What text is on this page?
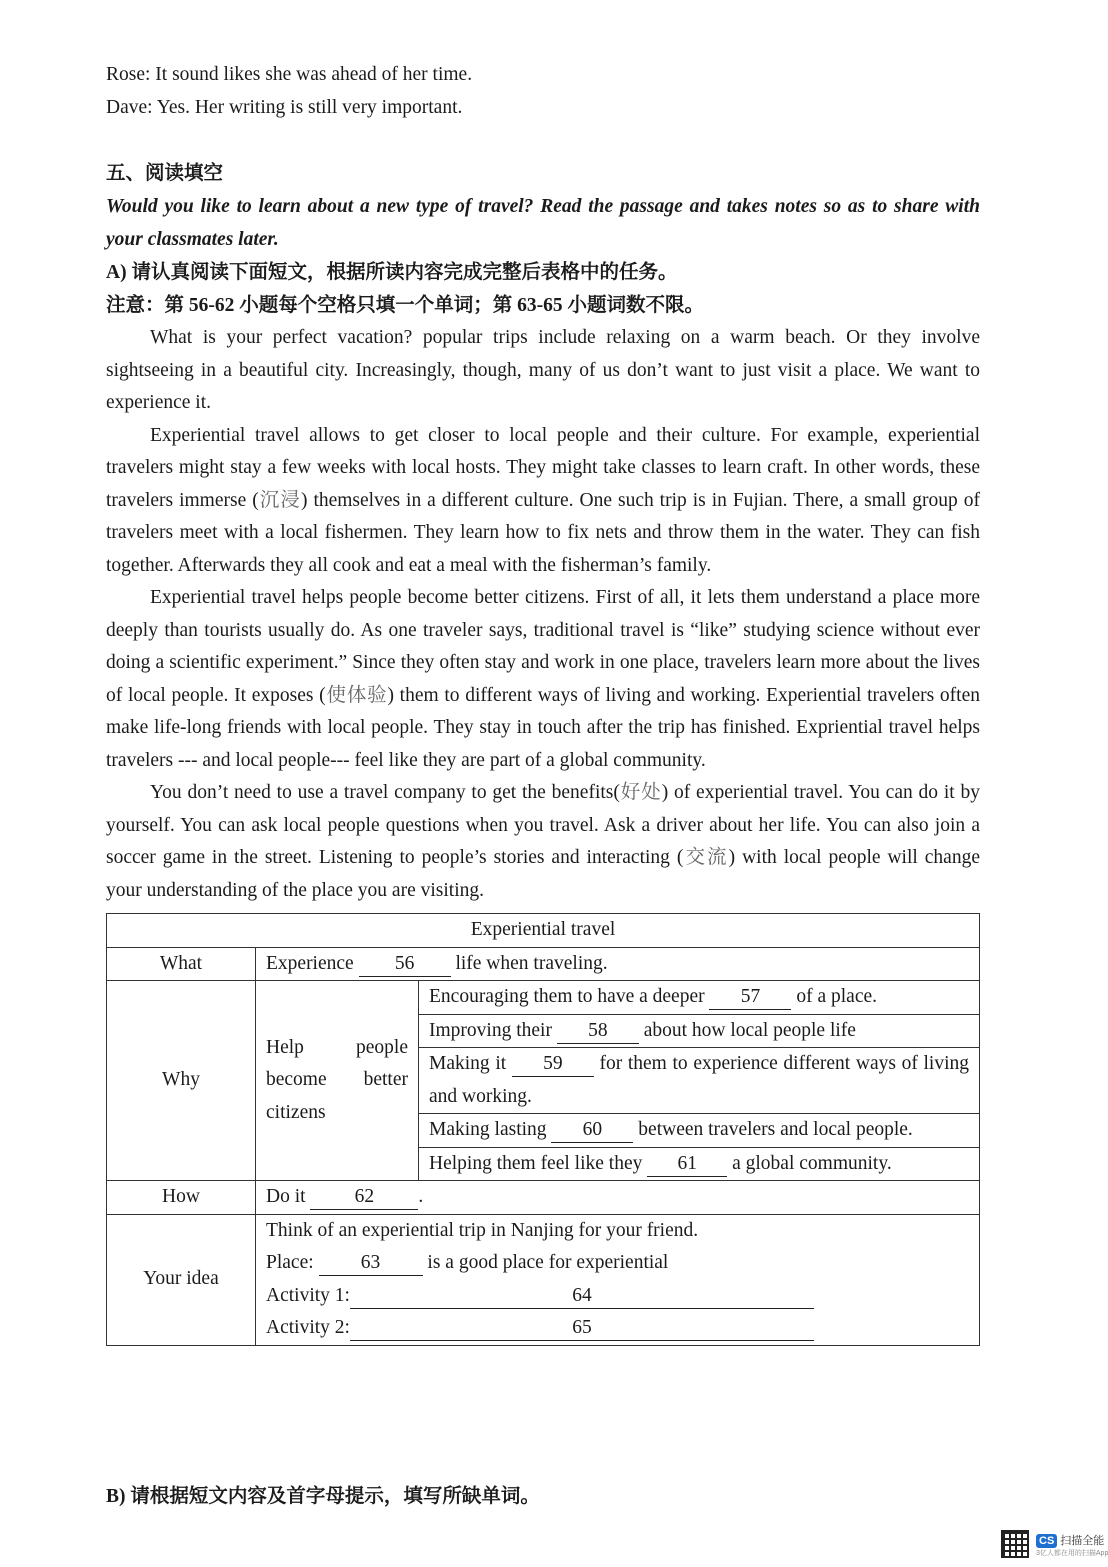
Rose: It sound likes she was ahead of her time.

Dave: Yes. Her writing is still very important.

五、阅读填空

Would you like to learn about a new type of travel? Read the passage and takes notes so as to share with your classmates later.

A) 请认真阅读下面短文，根据所读内容完成完整后表格中的任务。

注意：第 56-62 小题每个空格只填一个单词；第 63-65 小题词数不限。

What is your perfect vacation? popular trips include relaxing on a warm beach. Or they involve sightseeing in a beautiful city. Increasingly, though, many of us don’t want to just visit a place. We want to experience it.

Experiential travel allows to get closer to local people and their culture. For example, experiential travelers might stay a few weeks with local hosts. They might take classes to learn craft. In other words, these travelers immerse (沉浸) themselves in a different culture. One such trip is in Fujian. There, a small group of travelers meet with a local fishermen. They learn how to fix nets and throw them in the water. They can fish together. Afterwards they all cook and eat a meal with the fisherman’s family.

Experiential travel helps people become better citizens. First of all, it lets them understand a place more deeply than tourists usually do. As one traveler says, traditional travel is “like” studying science without ever doing a scientific experiment.” Since they often stay and work in one place, travelers learn more about the lives of local people. It exposes (使体验) them to different ways of living and working. Experiential travelers often make life-long friends with local people. They stay in touch after the trip has finished. Expriential travel helps travelers --- and local people--- feel like they are part of a global community.

You don’t need to use a travel company to get the benefits(好处) of experiential travel. You can do it by yourself. You can ask local people questions when you travel. Ask a driver about her life. You can also join a soccer game in the street. Listening to people’s stories and interacting (交流) with local people will change your understanding of the place you are visiting.

Experiential travel		
What	Experience 56 life when traveling.	
Why	Help people become better citizens	Encouraging them to have a deeper 57 of a place.
		Improving their 58 about how local people life
		Making it 59 for them to experience different ways of living and working.
		Making lasting 60 between travelers and local people.
		Helping them feel like they 61 a global community.
How	Do it 62 .	
Your idea	Think of an experiential trip in Nanjing for your friend.
Place: 63 is a good place for experiential
Activity 1: 64
Activity 2: 65	

B) 请根据短文内容及首字母提示，填写所缺单词。

CS 扫描全能
3亿人都在用的扫描App
